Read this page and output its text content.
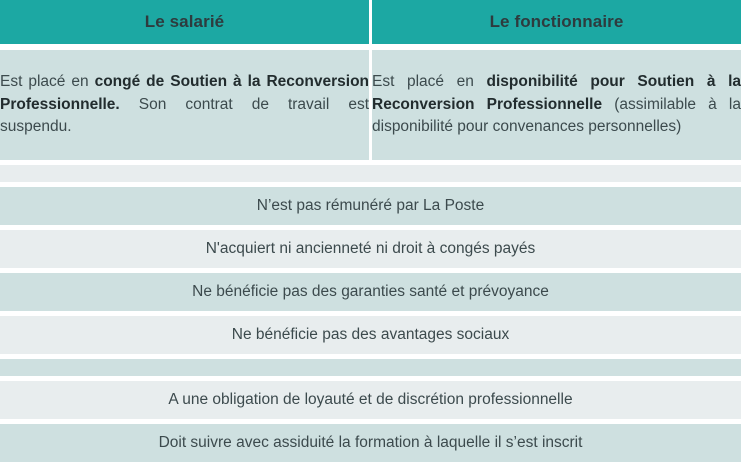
Le salarié		Le fonctionnaire

Est placé en congé de Soutien à la Reconversion Professionnelle. Son contrat de travail est suspendu.		Est placé en disponibilité pour Soutien à la Reconversion Professionnelle (assimilable à la disponibilité pour convenances personnelles)

N’est pas rémunéré par La Poste		

N'acquiert ni ancienneté ni droit à congés payés		

Ne bénéficie pas des garanties santé et prévoyance		

Ne bénéficie pas des avantages sociaux		

A une obligation de loyauté et de discrétion professionnelle		

Doit suivre avec assiduité la formation à laquelle il s’est inscrit		
